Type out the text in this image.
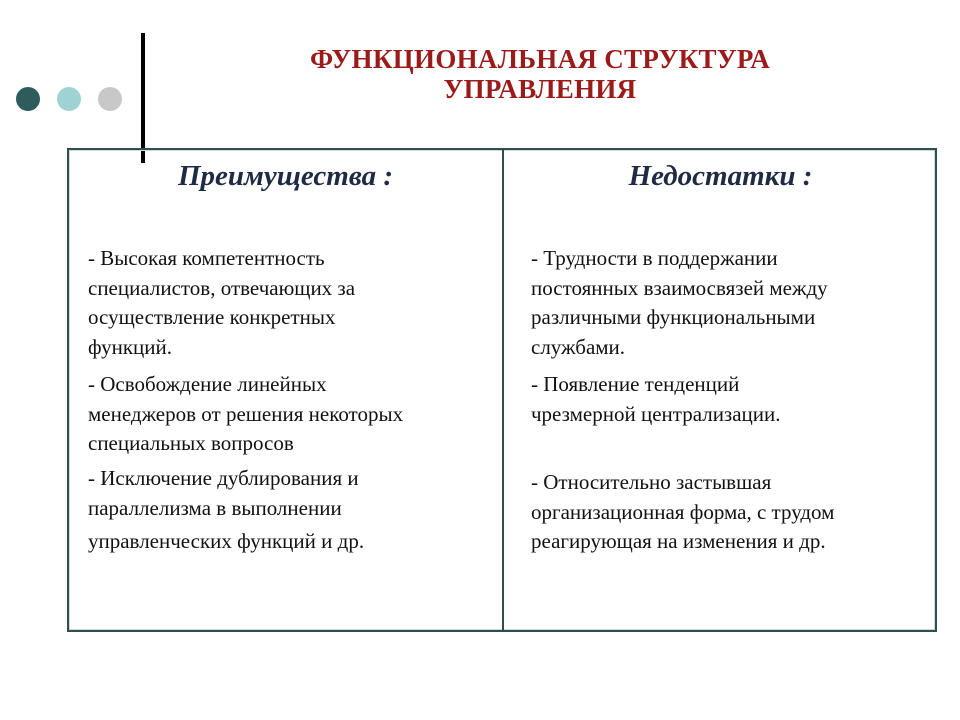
ФУНКЦИОНАЛЬНАЯ СТРУКТУРА
УПРАВЛЕНИЯ
Преимущества :
- Высокая компетентность
специалистов, отвечающих за
осуществление конкретных
функций.
- Освобождение линейных
менеджеров от решения некоторых
специальных вопросов
- Исключение дублирования и
параллелизма в выполнении
управленческих функций и др.
Недостатки :
- Трудности в поддержании
постоянных взаимосвязей между
различными функциональными
службами.
- Появление тенденций
чрезмерной централизации.
- Относительно застывшая
организационная форма, с трудом
реагирующая на изменения и др.
